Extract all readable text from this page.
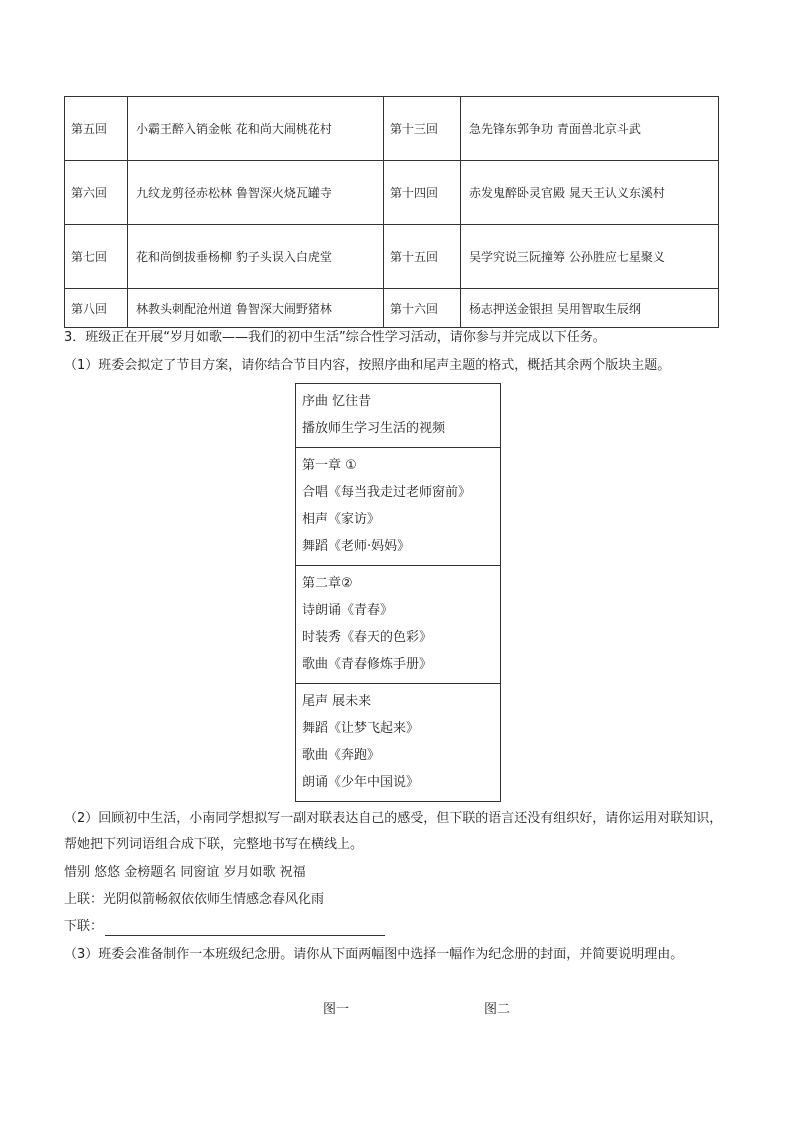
第五回	小霸王醉入销金帐 花和尚大闹桃花村	第十三回	急先锋东郭争功 青面兽北京斗武
第六回	九纹龙剪径赤松林 鲁智深火烧瓦罐寺	第十四回	赤发鬼醉卧灵官殿 晁天王认义东溪村
第七回	花和尚倒拔垂杨柳 豹子头误入白虎堂	第十五回	吴学究说三阮撞筹 公孙胜应七星聚义
第八回	林教头刺配沧州道 鲁智深大闹野猪林	第十六回	杨志押送金银担 吴用智取生辰纲
3．班级正在开展“岁月如歌——我们的初中生活”综合性学习活动，请你参与并完成以下任务。
（1）班委会拟定了节目方案，请你结合节目内容，按照序曲和尾声主题的格式，概括其余两个版块主题。
序曲 忆往昔
播放师生学习生活的视频
第一章 ①
合唱《每当我走过老师窗前》
相声《家访》
舞蹈《老师·妈妈》
第二章②
诗朗诵《青春》
时装秀《春天的色彩》
歌曲《青春修炼手册》
尾声 展未来
舞蹈《让梦飞起来》
歌曲《奔跑》
朗诵《少年中国说》
（2）回顾初中生活，小南同学想拟写一副对联表达自己的感受，但下联的语言还没有组织好，请你运用对联知识，帮她把下列词语组合成下联，完整地书写在横线上。
惜别 悠悠 金榜题名 同窗谊 岁月如歌 祝福
上联：光阴似箭畅叙依依师生情感念春风化雨
下联：
（3）班委会准备制作一本班级纪念册。请你从下面两幅图中选择一幅作为纪念册的封面，并简要说明理由。
图一	图二
